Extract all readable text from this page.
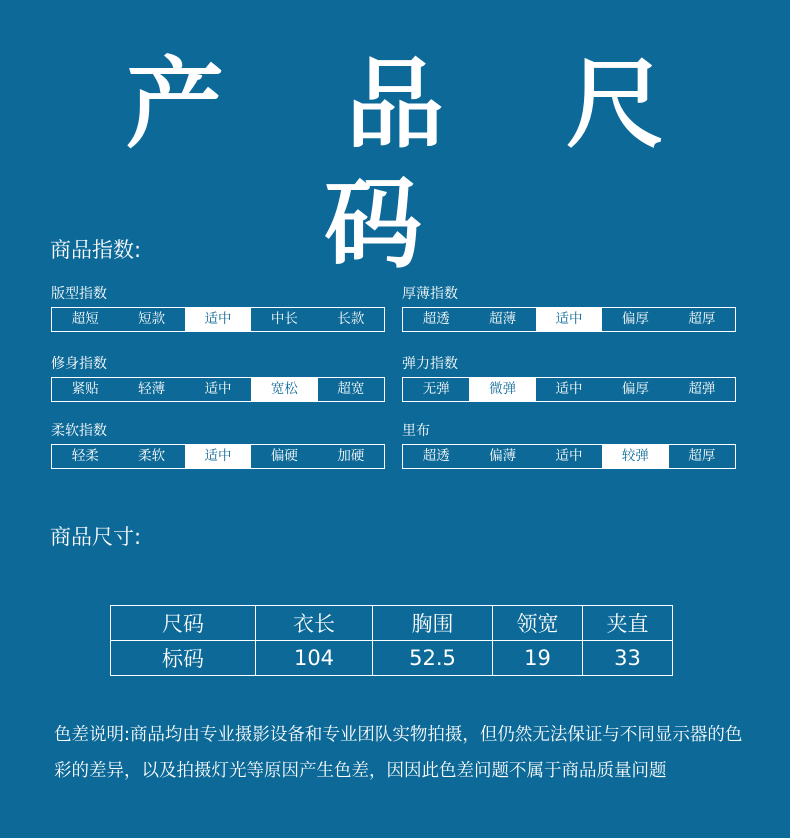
产 品 尺 码
商品指数:
版型指数
超短	短款	适中	中长	长款
厚薄指数
超透	超薄	适中	偏厚	超厚
修身指数
紧贴	轻薄	适中	宽松	超宽
弹力指数
无弹	微弹	适中	偏厚	超弹
柔软指数
轻柔	柔软	适中	偏硬	加硬
里布
超透	偏薄	适中	较弹	超厚
商品尺寸:
尺码	衣长	胸围	领宽	夹直
标码	104	52.5	19	33
色差说明:商品均由专业摄影设备和专业团队实物拍摄，但仍然无法保证与不同显示器的色彩的差异，以及拍摄灯光等原因产生色差，因因此色差问题不属于商品质量问题
